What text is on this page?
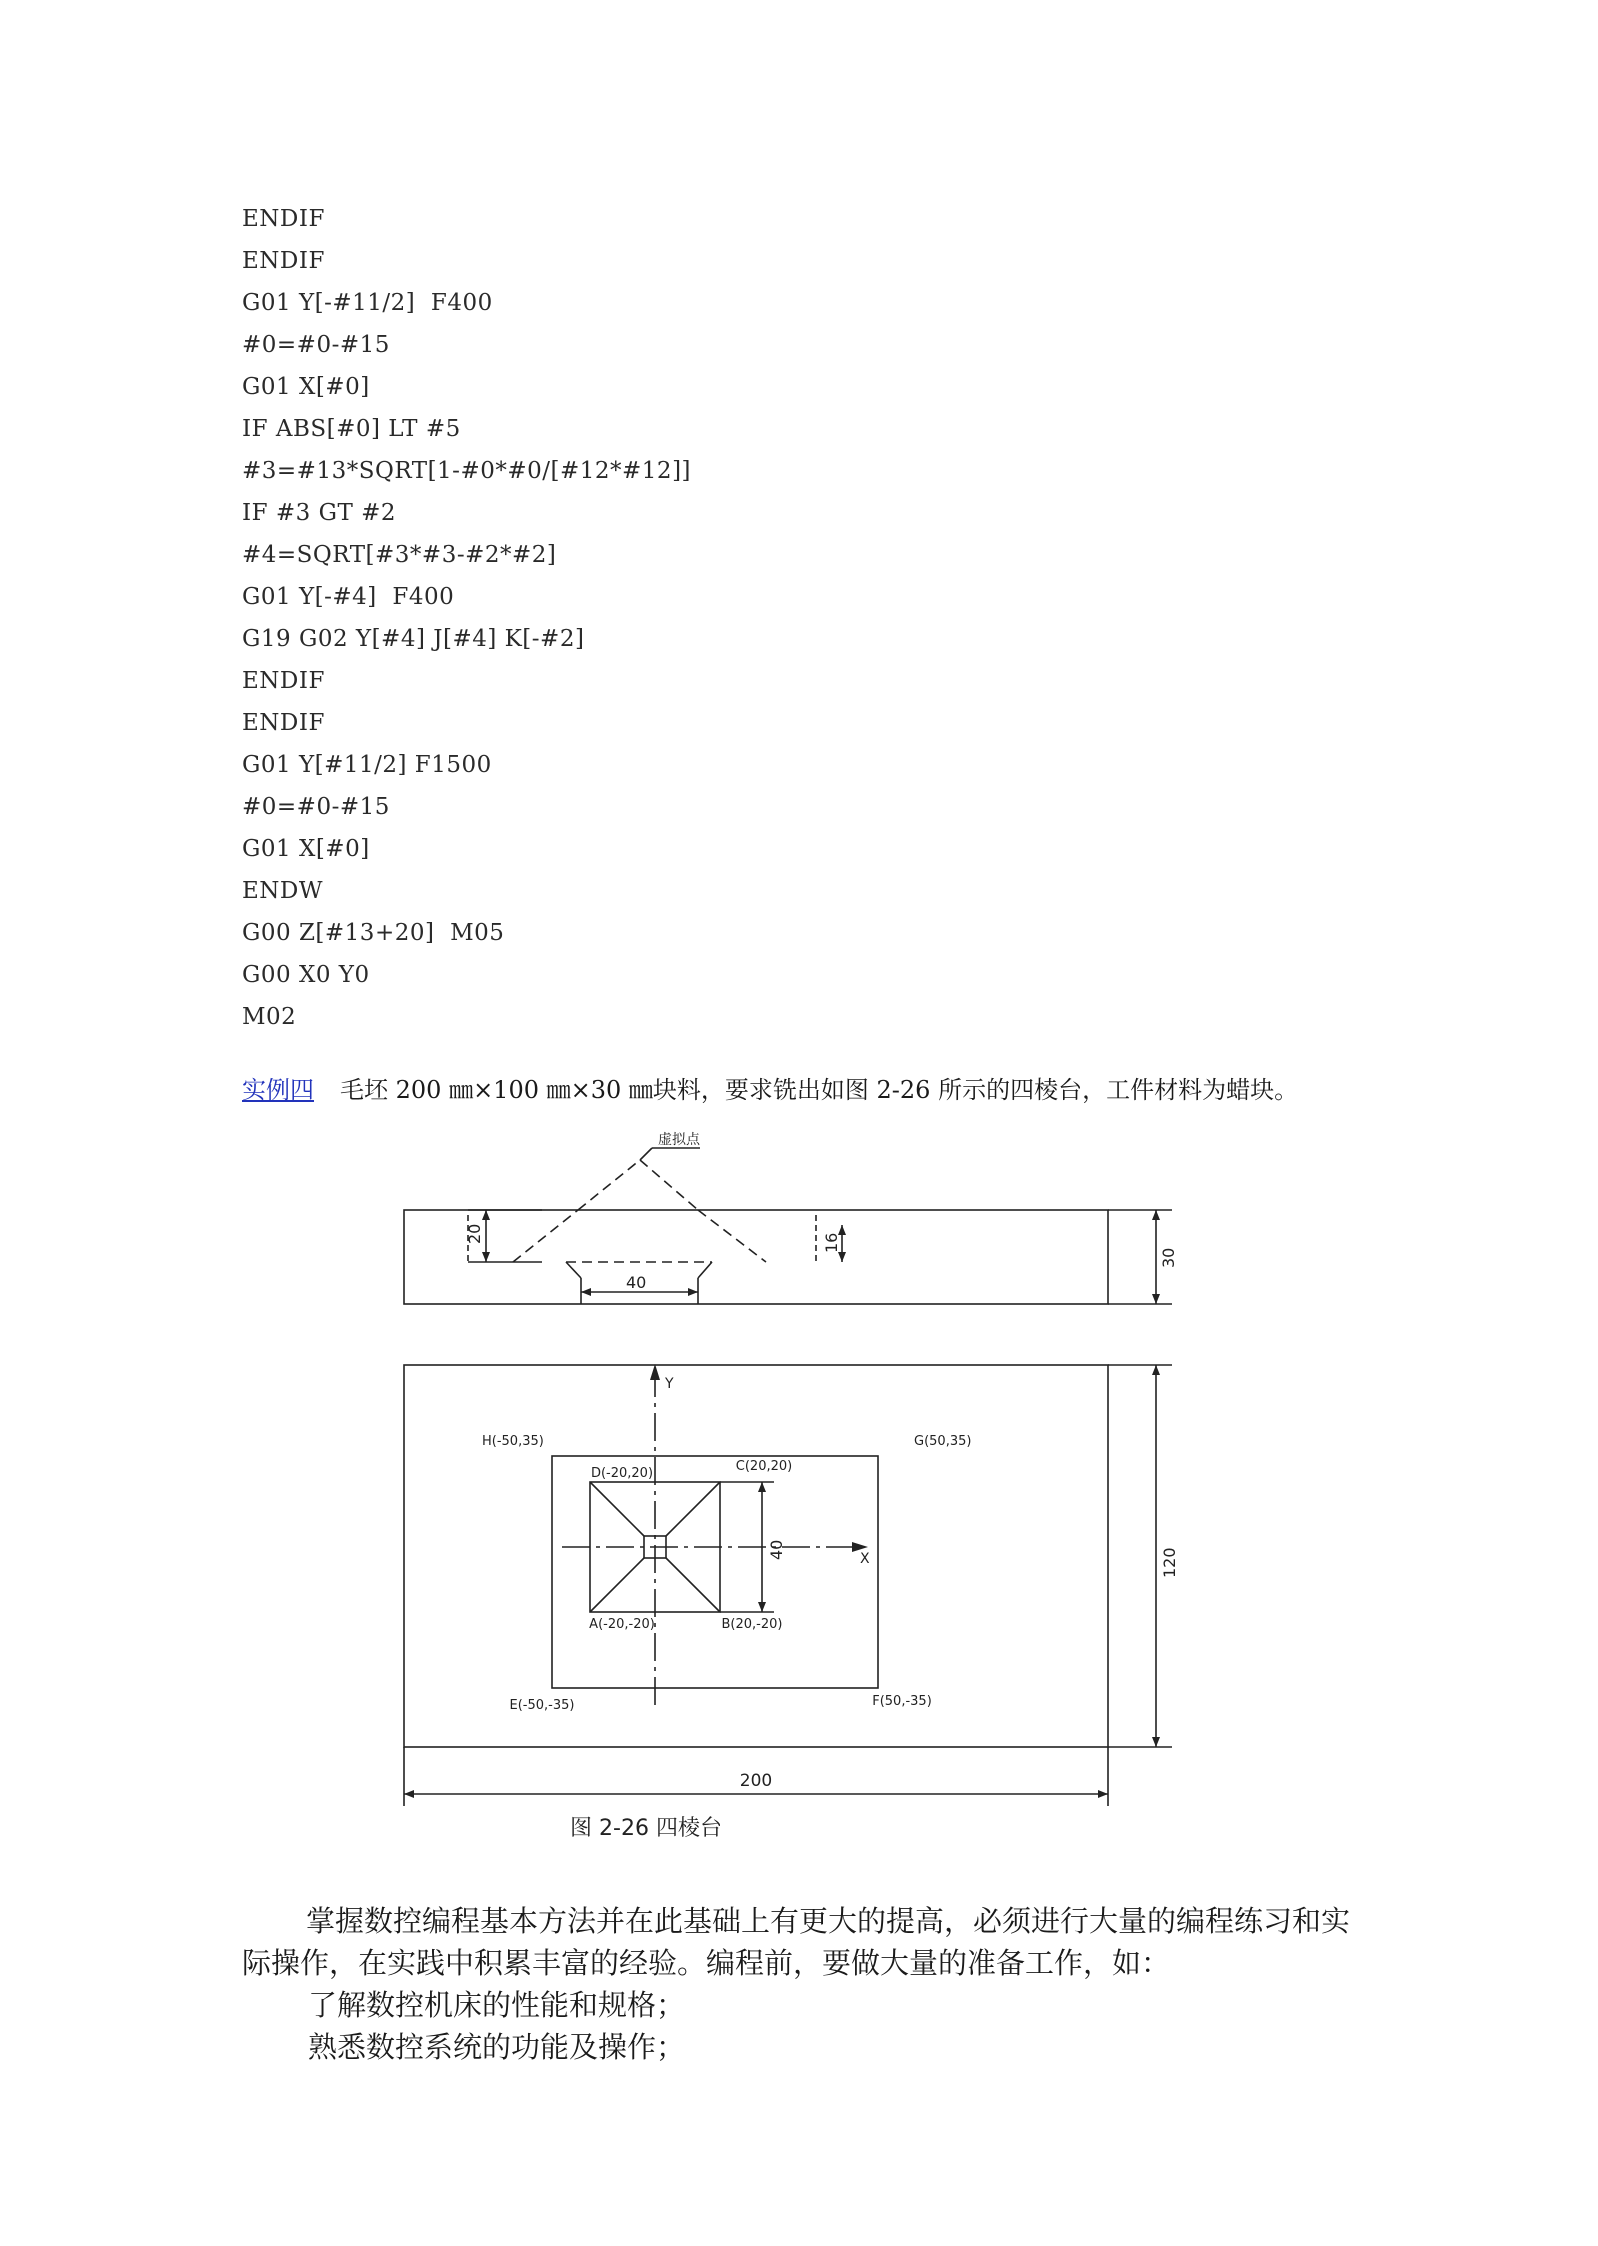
ENDIF
ENDIF
G01 Y[-#11/2]  F400
#0=#0-#15
G01 X[#0]
IF ABS[#0] LT #5
#3=#13*SQRT[1-#0*#0/[#12*#12]]
IF #3 GT #2
#4=SQRT[#3*#3-#2*#2]
G01 Y[-#4]  F400
G19 G02 Y[#4] J[#4] K[-#2]
ENDIF
ENDIF
G01 Y[#11/2] F1500
#0=#0-#15
G01 X[#0]
ENDW
G00 Z[#13+20]  M05
G00 X0 Y0
M02
实例四 毛坯 200 ㎜×100 ㎜×30 ㎜块料，要求铣出如图 2-26 所示的四棱台，工件材料为蜡块。
虚拟点
20	16
40
30
Y
X
H(-50,35)	G(50,35)
D(-20,20)	C(20,20)
A(-20,-20)	B(20,-20)
E(-50,-35)	F(50,-35)
40	120
200
图 2-26 四棱台

掌握数控编程基本方法并在此基础上有更大的提高，必须进行大量的编程练习和实际操作，在实践中积累丰富的经验。编程前，要做大量的准备工作，如：

了解数控机床的性能和规格；

熟悉数控系统的功能及操作；
